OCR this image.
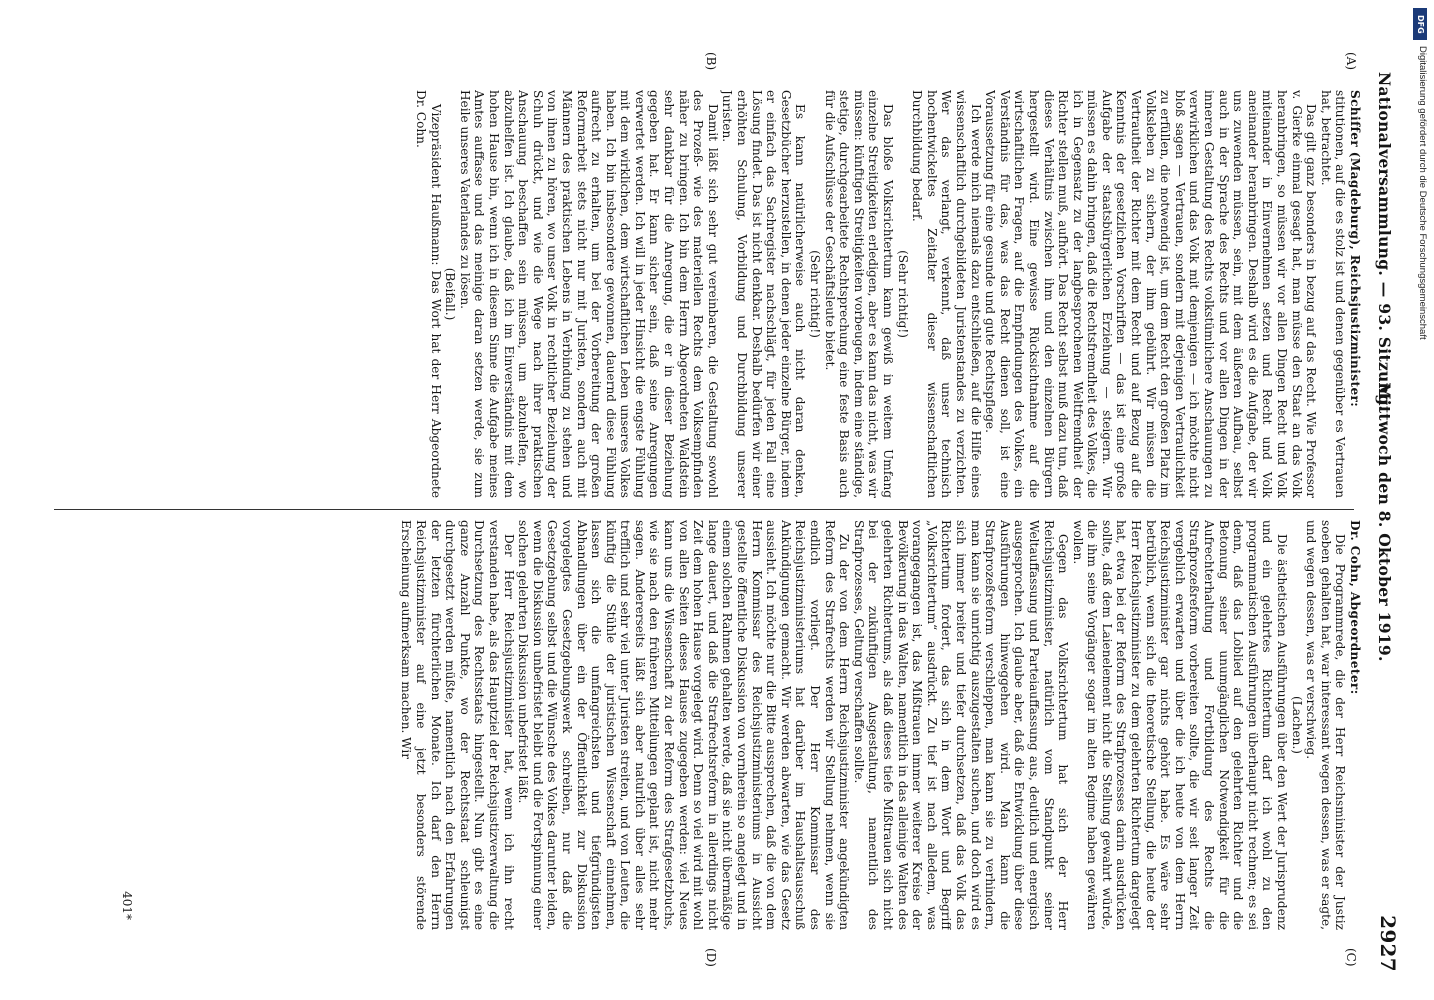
Nationalversammlung. — 93. Sitzung.
Mittwoch den 8. Oktober 1919.
2927
(A)
(B)
(C)
(D)

Schiffer (Magdeburg), Reichsjustizminister:

stitutionen, auf die es stolz ist und denen gegenüber es Vertrauen hat, betrachtet.

Das gilt ganz besonders in bezug auf das Recht. Wie Professor v. Gierke einmal gesagt hat, man müsse den Staat an das Volk heranbringen, so müssen wir vor allen Dingen Recht und Volk miteinander in Einvernehmen setzen und Recht und Volk aneinander heranbringen. Deshalb wird es die Aufgabe, der wir uns zuwenden müssen, sein, mit dem äußeren Aufbau, selbst auch in der Sprache des Rechts und vor allen Dingen in der inneren Gestaltung des Rechts volkstümlichere Anschauungen zu verwirklichen und das Volk mit demjenigen — ich möchte nicht bloß sagen — Vertrauen, sondern mit derjenigen Vertraulichkeit zu erfüllen, die notwendig ist, um dem Recht den großen Platz im Volksleben zu sichern, der ihm gebührt. Wir müssen die Vertrautheit der Richter mit dem Recht und auf Bezug auf die Kenntnis der gesetzlichen Vorschriften — das ist eine große Aufgabe der staatsbürgerlichen Erziehung — steigern. Wir müssen es dahin bringen, daß die Rechtsfremdheit des Volkes, die ich in Gegensatz zu der langbesprochenen Weltfremdheit der Richter stellen muß, aufhört. Das Recht selbst muß dazu tun, daß dieses Verhältnis zwischen ihm und den einzelnen Bürgern hergestellt wird. Eine gewisse Rücksichtnahme auf die wirtschaftlichen Fragen, auf die Empfindungen des Volkes, ein Verständnis für das, was das Recht dienen soll, ist eine Voraussetzung für eine gesunde und gute Rechtspflege.

Ich werde mich niemals dazu entschließen, auf die Hilfe eines wissenschaftlich durchgebildeten Juristenstandes zu verzichten. Wer das verlangt, verkennt, daß unser technisch hochentwickeltes Zeitalter dieser wissenschaftlichen Durchbildung bedarf.

(Sehr richtig!)

Das bloße Volksrichtertum kann gewiß in weitem Umfang einzelne Streitigkeiten erledigen, aber es kann das nicht, was wir müssen: künftigen Streitigkeiten vorbeugen, indem eine ständige, stetige, durchgearbeitete Rechtsprechung eine feste Basis auch für die Aufschlüsse der Geschäftsleute bietet.

(Sehr richtig!)

Es kann natürlicherweise auch nicht daran denken, Gesetzbücher herzustellen, in denen jeder einzelne Bürger, indem er einfach das Sachregister nachschlägt, für jeden Fall eine Lösung findet. Das ist nicht denkbar. Deshalb bedürfen wir einer erhöhten Schulung, Vorbildung und Durchbildung unserer Juristen.

Damit läßt sich sehr gut vereinbaren, die Gestaltung sowohl des Prozeß- wie des materiellen Rechts dem Volksempfinden näher zu bringen. Ich bin dem Herrn Abgeordneten Waldstein sehr dankbar für die Anregung, die er in dieser Beziehung gegeben hat. Er kann sicher sein, daß seine Anregungen verwertet werden. Ich will in jeder Hinsicht die engste Fühlung mit dem wirklichen, dem wirtschaftlichen Leben unseres Volkes haben. Ich bin insbesondere gewonnen, dauernd diese Fühlung aufrecht zu erhalten, um bei der Vorbereitung der großen Reformarbeit stets nicht nur mit Juristen, sondern auch mit Männern des praktischen Lebens in Verbindung zu stehen und von ihnen zu hören, wo unser Volk in rechtlicher Beziehung der Schuh drückt, und wie die Wege nach ihrer praktischen Anschauung beschaffen sein müssen, um abzuhelfen, wo abzuhelfen ist. Ich glaube, daß ich im Einverständnis mit dem hohen Hause bin, wenn ich in diesem Sinne die Aufgabe meines Amtes auffasse und das meinige daran setzen werde, sie zum Heile unseres Vaterlandes zu lösen.

(Beifall.)

Vizepräsident Haußmann: Das Wort hat der Herr Abgeordnete Dr. Cohn.

Dr. Cohn, Abgeordneter:

Die Programmrede, die der Herr Reichsminister der Justiz soeben gehalten hat, war interessant wegen dessen, was er sagte, und wegen dessen, was er verschwieg.

(Lachen.)

Die ästhetischen Ausführungen über den Wert der Jurisprudenz und ein gelehrtes Richtertum darf ich wohl zu den programmatischen Ausführungen überhaupt nicht rechnen; es sei denn, daß das Loblied auf den gelehrten Richter und die Betonung seiner unumgänglichen Notwendigkeit für die Aufrechterhaltung und Fortbildung des Rechts die Strafprozeßreform vorbereiten sollte, die wir seit langer Zeit vergeblich erwarten und über die ich heute von dem Herrn Reichsjustizminister gar nichts gehört habe. Es wäre sehr betrüblich, wenn sich die theoretische Stellung, die heute der Herr Reichsjustizminister zu dem gelehrten Richtertum dargelegt hat, etwa bei der Reform des Strafprozesses darin ausdrücken sollte, daß dem Laienelement nicht die Stellung gewahrt würde, die ihm seine Vorgänger sogar im alten Regime haben gewähren wollen.

Gegen das Volksrichtertum hat sich der Herr Reichsjustizminister, natürlich vom Standpunkt seiner Weltauffassung und Parteiauffassung aus, deutlich und energisch ausgesprochen. Ich glaube aber, daß die Entwicklung über diese Ausführungen hinweggehen wird. Man kann die Strafprozeßreform verschleppen, man kann sie zu verhindern, man kann sie unrichtig auszugestalten suchen, und doch wird es sich immer breiter und tiefer durchsetzen, daß das Volk das Richtertum fordert, das sich in dem Wort und Begriff „Volksrichtertum“ ausdrückt. Zu tief ist nach alledem, was vorangegangen ist, das Mißtrauen immer weiterer Kreise der Bevölkerung in das Walten, namentlich in das alleinige Walten des gelehrten Richtertums, als daß dieses tiefe Mißtrauen sich nicht bei der zukünftigen Ausgestaltung, namentlich des Strafprozesses, Geltung verschaffen sollte.

Zu der von dem Herrn Reichsjustizminister angekündigten Reform des Strafrechts werden wir Stellung nehmen, wenn sie endlich vorliegt. Der Herr Kommissar des Reichsjustizministeriums hat darüber im Haushaltsausschuß Ankündigungen gemacht. Wir werden abwarten, wie das Gesetz aussieht. Ich möchte nur die Bitte aussprechen, daß die von dem Herrn Kommissar des Reichsjustizministeriums in Aussicht gestellte öffentliche Diskussion von vornherein so angelegt und in einem solchen Rahmen gehalten werde, daß sie nicht übermäßige lange dauert, und daß die Strafrechtsreform in allerdings nicht Zeit dem hohen Hause vorgelegt wird. Denn so viel wird mit wohl von allen Seiten dieses Hauses zugegeben werden: viel Neues kann uns die Wissenschaft zu der Reform des Strafgesetzbuchs, wie sie nach den früheren Mitteilungen geplant ist, nicht mehr sagen. Andererseits läßt sich aber naturlich über alles sehr trefflich und sehr viel unter Juristen streiten, und von Leuten, die künftig die Stühle der juristischen Wissenschaft einnehmen, lassen sich die umfangreichsten und tiefgründigsten Abhandlungen über ein der Öffentlichkeit zur Diskussion vorgelegtes Gesetzgebungswerk schreiben, nur daß die Gesetzgebung selbst und die Wünsche des Volkes darunter leiden, wenn die Diskussion unbefristet bleibt und die Fortspinnung einer solchen gelehrten Diskussion unbefristet läßt.

Der Herr Reichsjustizminister hat, wenn ich ihn recht verstanden habe, als das Hauptziel der Reichsjustizverwaltung die Durchsetzung des Rechtsstaats hingestellt. Nun gibt es eine ganze Anzahl Punkte, wo der Rechtsstaat schleunigst durchgesetzt werden müßte, namentlich nach den Erfahrungen der letzten fürchterlichen Monate. Ich darf den Herrn Reichsjustizminister auf eine jetzt besonders störende Erscheinung aufmerksam machen. Wir

401*
DFG
Digitalisierung gefördert durch die Deutsche Forschungsgemeinschaft
